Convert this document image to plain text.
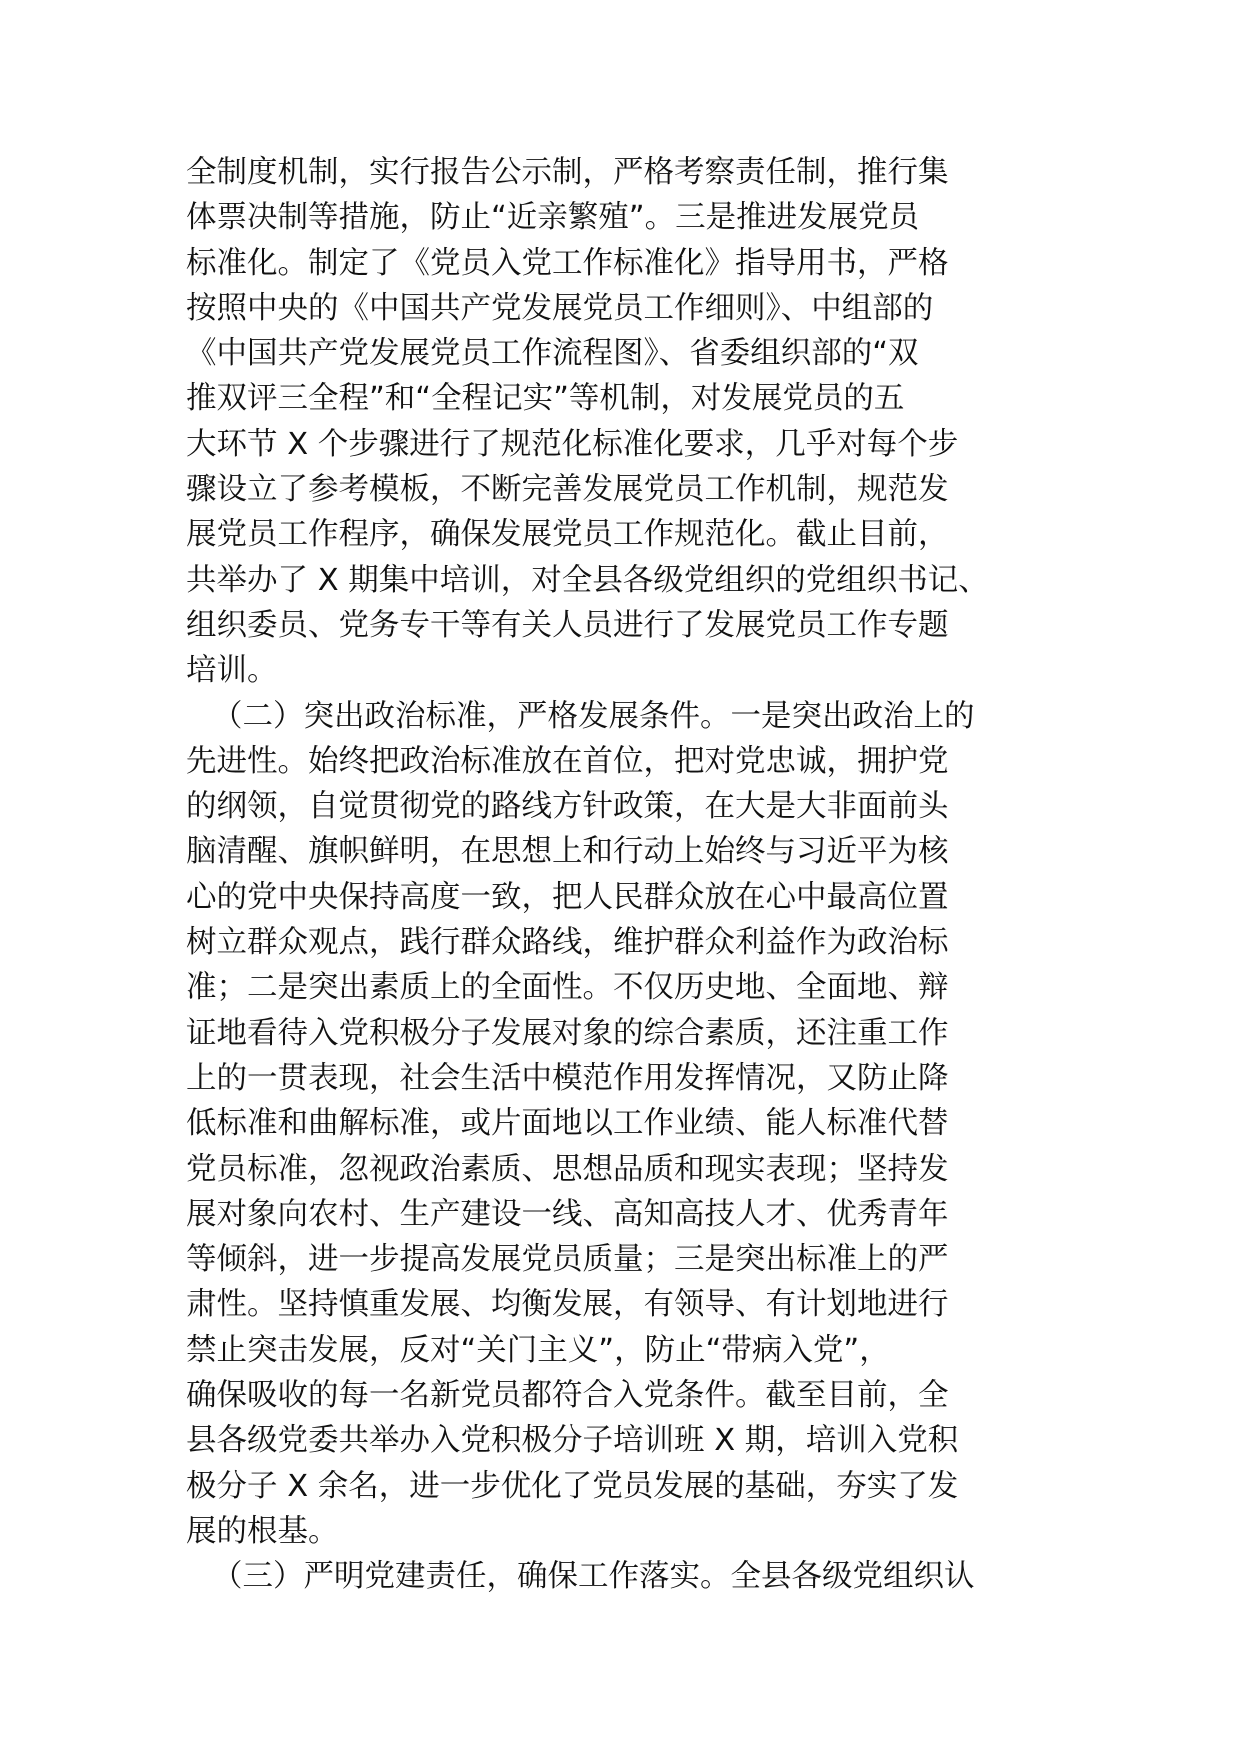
全制度机制，实行报告公示制，严格考察责任制，推行集
体票决制等措施，防止“近亲繁殖”。三是推进发展党员
标准化。制定了《党员入党工作标准化》指导用书，严格
按照中央的《中国共产党发展党员工作细则》、中组部的
《中国共产党发展党员工作流程图》、省委组织部的“双
推双评三全程”和“全程记实”等机制，对发展党员的五
大环节 X 个步骤进行了规范化标准化要求，几乎对每个步
骤设立了参考模板，不断完善发展党员工作机制，规范发
展党员工作程序，确保发展党员工作规范化。截止目前，
共举办了 X 期集中培训，对全县各级党组织的党组织书记、
组织委员、党务专干等有关人员进行了发展党员工作专题
培训。
（二）突出政治标准，严格发展条件。一是突出政治上的
先进性。始终把政治标准放在首位，把对党忠诚，拥护党
的纲领，自觉贯彻党的路线方针政策，在大是大非面前头
脑清醒、旗帜鲜明，在思想上和行动上始终与习近平为核
心的党中央保持高度一致，把人民群众放在心中最高位置
树立群众观点，践行群众路线，维护群众利益作为政治标
准；二是突出素质上的全面性。不仅历史地、全面地、辩
证地看待入党积极分子发展对象的综合素质，还注重工作
上的一贯表现，社会生活中模范作用发挥情况，又防止降
低标准和曲解标准，或片面地以工作业绩、能人标准代替
党员标准，忽视政治素质、思想品质和现实表现；坚持发
展对象向农村、生产建设一线、高知高技人才、优秀青年
等倾斜，进一步提高发展党员质量；三是突出标准上的严
肃性。坚持慎重发展、均衡发展，有领导、有计划地进行
禁止突击发展，反对“关门主义”，防止“带病入党”，
确保吸收的每一名新党员都符合入党条件。截至目前，全
县各级党委共举办入党积极分子培训班 X 期，培训入党积
极分子 X 余名，进一步优化了党员发展的基础，夯实了发
展的根基。
（三）严明党建责任，确保工作落实。全县各级党组织认
